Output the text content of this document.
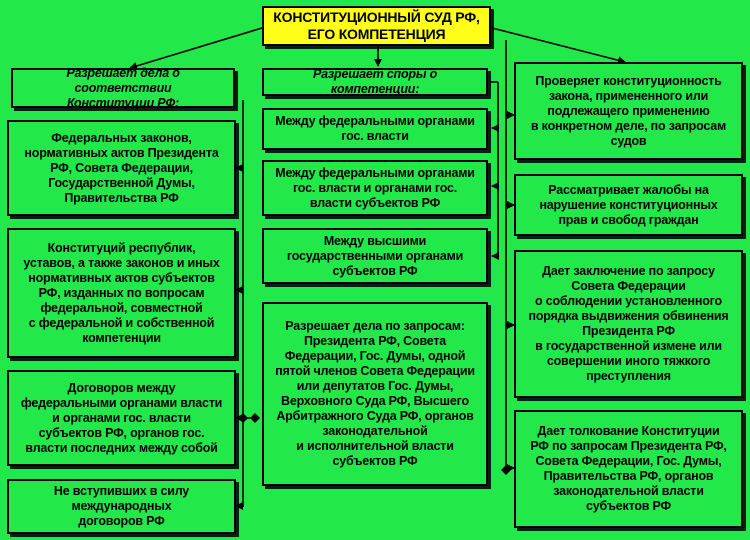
КОНСТИТУЦИОННЫЙ СУД РФ,
ЕГО КОМПЕТЕНЦИЯ
Разрешает дела о соответствии
Конституции РФ:
Федеральных законов,
нормативных актов Президента
РФ, Совета Федерации,
Государственной Думы,
Правительства РФ
Конституций республик,
уставов, а также законов и иных
нормативных актов субъектов
РФ, изданных по вопросам
федеральной, совместной
с федеральной и собственной
компетенции
Договоров между
федеральными органами власти
и органами гос. власти
субъектов РФ, органов гос.
власти последних между собой
Не вступивших в силу
международных
договоров РФ
Разрешает споры о компетенции:
Между федеральными органами
гос. власти
Между федеральными органами
гос. власти и органами гос.
власти субъектов РФ
Между высшими
государственными органами
субъектов РФ
Разрешает дела по запросам:
Президента РФ, Совета
Федерации, Гос. Думы, одной
пятой членов Совета Федерации
или депутатов Гос. Думы,
Верховного Суда РФ, Высшего
Арбитражного Суда РФ, органов
законодательной
и исполнительной власти
субъектов РФ
Проверяет конституционность
закона, примененного или
подлежащего применению
в конкретном деле, по запросам
судов
Рассматривает жалобы на
нарушение конституционных
прав и свобод граждан
Дает заключение по запросу
Совета Федерации
о соблюдении установленного
порядка выдвижения обвинения
Президента РФ
в государственной измене или
совершении иного тяжкого
преступления
Дает толкование Конституции
РФ по запросам Президента РФ,
Совета Федерации, Гос. Думы,
Правительства РФ, органов
законодательной власти
субъектов РФ
